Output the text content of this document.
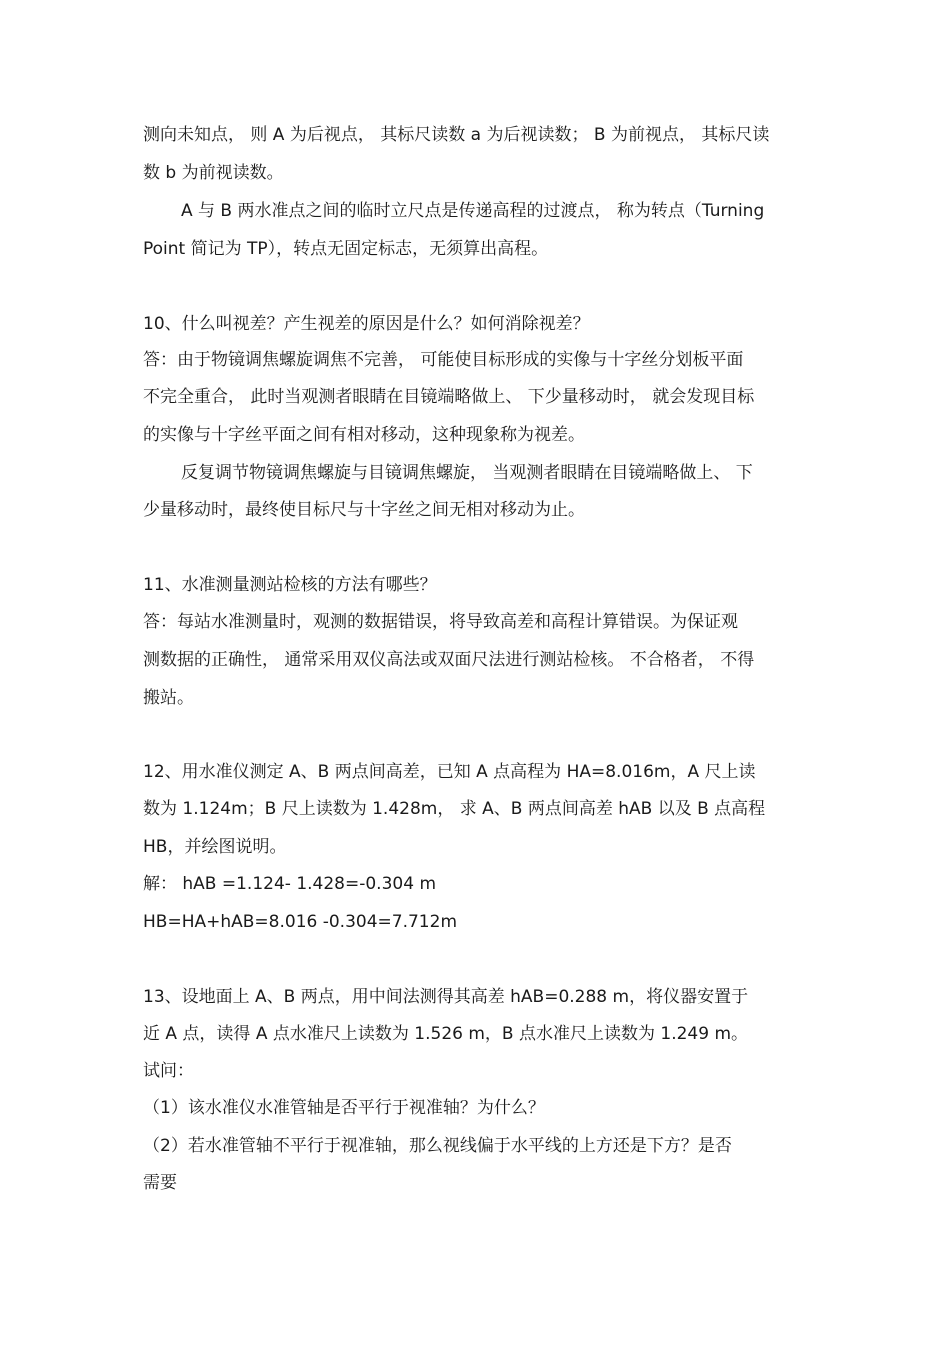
测向未知点， 则 A 为后视点， 其标尺读数 a 为后视读数； B 为前视点， 其标尺读
数 b 为前视读数。
A 与 B 两水准点之间的临时立尺点是传递高程的过渡点， 称为转点（Turning
Point 简记为 TP），转点无固定标志，无须算出高程。
10、什么叫视差？产生视差的原因是什么？如何消除视差？
答：由于物镜调焦螺旋调焦不完善， 可能使目标形成的实像与十字丝分划板平面
不完全重合， 此时当观测者眼睛在目镜端略做上、 下少量移动时， 就会发现目标
的实像与十字丝平面之间有相对移动，这种现象称为视差。
反复调节物镜调焦螺旋与目镜调焦螺旋， 当观测者眼睛在目镜端略做上、 下
少量移动时，最终使目标尺与十字丝之间无相对移动为止。
11、水准测量测站检核的方法有哪些？
答：每站水准测量时，观测的数据错误，将导致高差和高程计算错误。为保证观
测数据的正确性， 通常采用双仪高法或双面尺法进行测站检核。 不合格者， 不得
搬站。
12、用水准仪测定 A、B 两点间高差，已知 A 点高程为 HA=8.016m，A 尺上读
数为 1.124m；B 尺上读数为 1.428m， 求 A、B 两点间高差 hAB 以及 B 点高程
HB，并绘图说明。
解： hAB =1.124- 1.428=-0.304 m
HB=HA+hAB=8.016 -0.304=7.712m
13、设地面上 A、B 两点，用中间法测得其高差 hAB=0.288 m，将仪器安置于
近 A 点，读得 A 点水准尺上读数为 1.526 m，B 点水准尺上读数为 1.249 m。
试问：
（1）该水准仪水准管轴是否平行于视准轴？为什么？
（2）若水准管轴不平行于视准轴，那么视线偏于水平线的上方还是下方？是否
需要
